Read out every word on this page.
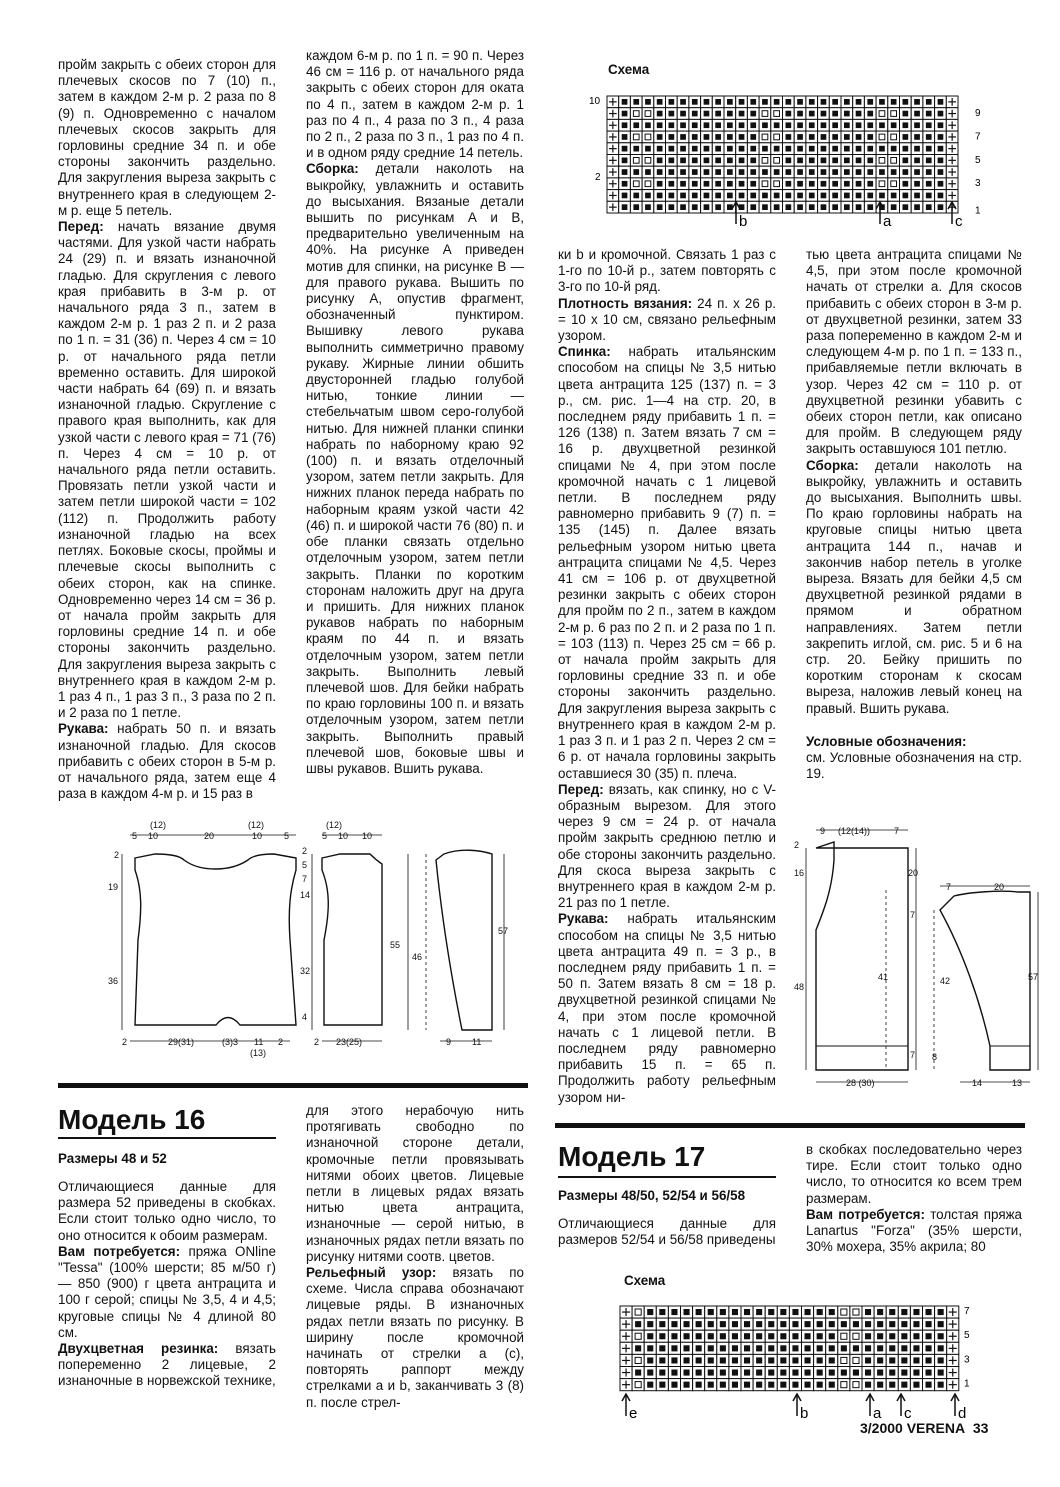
пройм закрыть с обеих сторон для плечевых скосов по 7 (10) п., затем в каждом 2-м р. 2 раза по 8 (9) п. Одновременно с началом плечевых скосов закрыть для горловины средние 34 п. и обе стороны закончить раздельно. Для закругления выреза закрыть с внутреннего края в следующем 2-м р. еще 5 петель.

Перед: начать вязание двумя частями. Для узкой части набрать 24 (29) п. и вязать изнаночной гладью. Для скругления с левого края прибавить в 3-м р. от начального ряда 3 п., затем в каждом 2-м р. 1 раз 2 п. и 2 раза по 1 п. = 31 (36) п. Через 4 см = 10 р. от начального ряда петли временно оставить. Для широкой части набрать 64 (69) п. и вязать изнаночной гладью. Скругление с правого края выполнить, как для узкой части с левого края = 71 (76) п. Через 4 см = 10 р. от начального ряда петли оставить. Провязать петли узкой части и затем петли широкой части = 102 (112) п. Продолжить работу изнаночной гладью на всех петлях. Боковые скосы, проймы и плечевые скосы выполнить с обеих сторон, как на спинке. Одновременно через 14 см = 36 р. от начала пройм закрыть для горловины средние 14 п. и обе стороны закончить раздельно. Для закругления выреза закрыть с внутреннего края в каждом 2-м р. 1 раз 4 п., 1 раз 3 п., 3 раза по 2 п. и 2 раза по 1 петле.

Рукава: набрать 50 п. и вязать изнаночной гладью. Для скосов прибавить с обеих сторон в 5-м р. от начального ряда, затем еще 4 раза в каждом 4-м р. и 15 раз в

каждом 6-м р. по 1 п. = 90 п. Через 46 см = 116 р. от начального ряда закрыть с обеих сторон для оката по 4 п., затем в каждом 2-м р. 1 раз по 4 п., 4 раза по 3 п., 4 раза по 2 п., 2 раза по 3 п., 1 раз по 4 п. и в одном ряду средние 14 петель.

Сборка: детали наколоть на выкройку, увлажнить и оставить до высыхания. Вязаные детали вышить по рисункам А и В, предварительно увеличенным на 40%. На рисунке А приведен мотив для спинки, на рисунке В — для правого рукава. Вышить по рисунку А, опустив фрагмент, обозначенный пунктиром. Вышивку левого рукава выполнить симметрично правому рукаву. Жирные линии обшить двусторонней гладью голубой нитью, тонкие линии — стебельчатым швом серо-голубой нитью. Для нижней планки спинки набрать по наборному краю 92 (100) п. и вязать отделочный узором, затем петли закрыть. Для нижних планок переда набрать по наборным краям узкой части 42 (46) п. и широкой части 76 (80) п. и обе планки связать отдельно отделочным узором, затем петли закрыть. Планки по коротким сторонам наложить друг на друга и пришить. Для нижних планок рукавов набрать по наборным краям по 44 п. и вязать отделочным узором, затем петли закрыть. Выполнить левый плечевой шов. Для бейки набрать по краю горловины 100 п. и вязать отделочным узором, затем петли закрыть. Выполнить правый плечевой шов, боковые швы и швы рукавов. Вшить рукава.

ки b и кромочной. Связать 1 раз с 1-го по 10-й р., затем повторять с 3-го по 10-й ряд.

Плотность вязания: 24 п. х 26 р. = 10 х 10 см, связано рельефным узором.

Спинка: набрать итальянским способом на спицы № 3,5 нитью цвета антрацита 125 (137) п. = 3 р., см. рис. 1—4 на стр. 20, в последнем ряду прибавить 1 п. = 126 (138) п. Затем вязать 7 см = 16 р. двухцветной резинкой спицами № 4, при этом после кромочной начать с 1 лицевой петли. В последнем ряду равномерно прибавить 9 (7) п. = 135 (145) п. Далее вязать рельефным узором нитью цвета антрацита спицами № 4,5. Через 41 см = 106 р. от двухцветной резинки закрыть с обеих сторон для пройм по 2 п., затем в каждом 2-м р. 6 раз по 2 п. и 2 раза по 1 п. = 103 (113) п. Через 25 см = 66 р. от начала пройм закрыть для горловины средние 33 п. и обе стороны закончить раздельно. Для закругления выреза закрыть с внутреннего края в каждом 2-м р. 1 раз 3 п. и 1 раз 2 п. Через 2 см = 6 р. от начала горловины закрыть оставшиеся 30 (35) п. плеча.

Перед: вязать, как спинку, но с V-образным вырезом. Для этого через 9 см = 24 р. от начала пройм закрыть среднюю петлю и обе стороны закончить раздельно. Для скоса выреза закрыть с внутреннего края в каждом 2-м р. 21 раз по 1 петле.

Рукава: набрать итальянским способом на спицы № 3,5 нитью цвета антрацита 49 п. = 3 р., в последнем ряду прибавить 1 п. = 50 п. Затем вязать 8 см = 18 р. двухцветной резинкой спицами № 4, при этом после кромочной начать с 1 лицевой петли. В последнем ряду равномерно прибавить 15 п. = 65 п. Продолжить работу рельефным узором ни-

тью цвета антрацита спицами № 4,5, при этом после кромочной начать от стрелки а. Для скосов прибавить с обеих сторон в 3-м р. от двухцветной резинки, затем 33 раза попеременно в каждом 2-м и следующем 4-м р. по 1 п. = 133 п., прибавляемые петли включать в узор. Через 42 см = 110 р. от двухцветной резинки убавить с обеих сторон петли, как описано для пройм. В следующем ряду закрыть оставшуюся 101 петлю.

Сборка: детали наколоть на выкройку, увлажнить и оставить до высыхания. Выполнить швы. По краю горловины набрать на круговые спицы нитью цвета антрацита 144 п., начав и закончив набор петель в уголке выреза. Вязать для бейки 4,5 см двухцветной резинкой рядами в прямом и обратном направлениях. Затем петли закрепить иглой, см. рис. 5 и 6 на стр. 20. Бейку пришить по коротким сторонам к скосам выреза, наложив левый конец на правый. Вшить рукава.

Условные обозначения:
см. Условные обозначения на стр. 19.

Схема
10
2
9
7
5
3
1
b	a	c
(12)
5 10	20
(12)
10 5
2
19
36
2	29(31)	(3)3 11 2
(13)
(12)
5 10 10
2
5
7
14
32
4
55
2 23(25)
46
57
9 11
9 (12(14))	7
2
16
48
20
7
41
7 8
28 (30)
7	20
42	57
14	13
Модель 16
Размеры 48 и 52

Отличающиеся данные для размера 52 приведены в скобках. Если стоит только одно число, то оно относится к обоим размерам.

Вам потребуется: пряжа ONline "Tessa" (100% шерсти; 85 м/50 г) — 850 (900) г цвета антрацита и 100 г серой; спицы № 3,5, 4 и 4,5; круговые спицы № 4 длиной 80 см.

Двухцветная резинка: вязать попеременно 2 лицевые, 2 изнаночные в норвежской технике,

для этого нерабочую нить протягивать свободно по изнаночной стороне детали, кромочные петли провязывать нитями обоих цветов. Лицевые петли в лицевых рядах вязать нитью цвета антрацита, изнаночные — серой нитью, в изнаночных рядах петли вязать по рисунку нитями соотв. цветов.

Рельефный узор: вязать по схеме. Числа справа обозначают лицевые ряды. В изнаночных рядах петли вязать по рисунку. В ширину после кромочной начинать от стрелки а (с), повторять раппорт между стрелками а и b, заканчивать 3 (8) п. после стрел-

Модель 17
Размеры 48/50, 52/54 и 56/58

Отличающиеся данные для размеров 52/54 и 56/58 приведены

в скобках последовательно через тире. Если стоит только одно число, то относится ко всем трем размерам.

Вам потребуется: толстая пряжа Lanartus "Forza" (35% шерсти, 30% мохера, 35% акрила; 80

Схема
7
5
3
1
e	b	a c	d
3/2000 VERENA 33
